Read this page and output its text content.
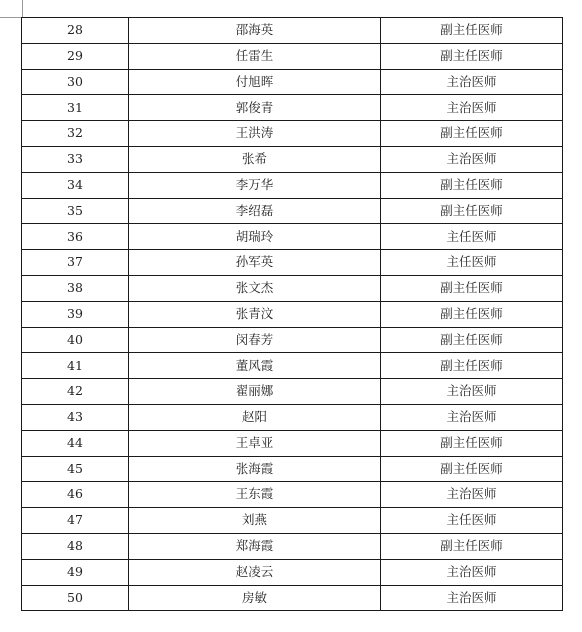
28	邵海英	副主任医师
29	任雷生	副主任医师
30	付旭晖	主治医师
31	郭俊青	主治医师
32	王洪涛	副主任医师
33	张希	主治医师
34	李万华	副主任医师
35	李绍磊	副主任医师
36	胡瑞玲	主任医师
37	孙军英	主任医师
38	张文杰	副主任医师
39	张青汶	副主任医师
40	闵春芳	副主任医师
41	董风霞	副主任医师
42	翟丽娜	主治医师
43	赵阳	主治医师
44	王卓亚	副主任医师
45	张海霞	副主任医师
46	王东霞	主治医师
47	刘燕	主任医师
48	郑海霞	副主任医师
49	赵凌云	主治医师
50	房敏	主治医师
